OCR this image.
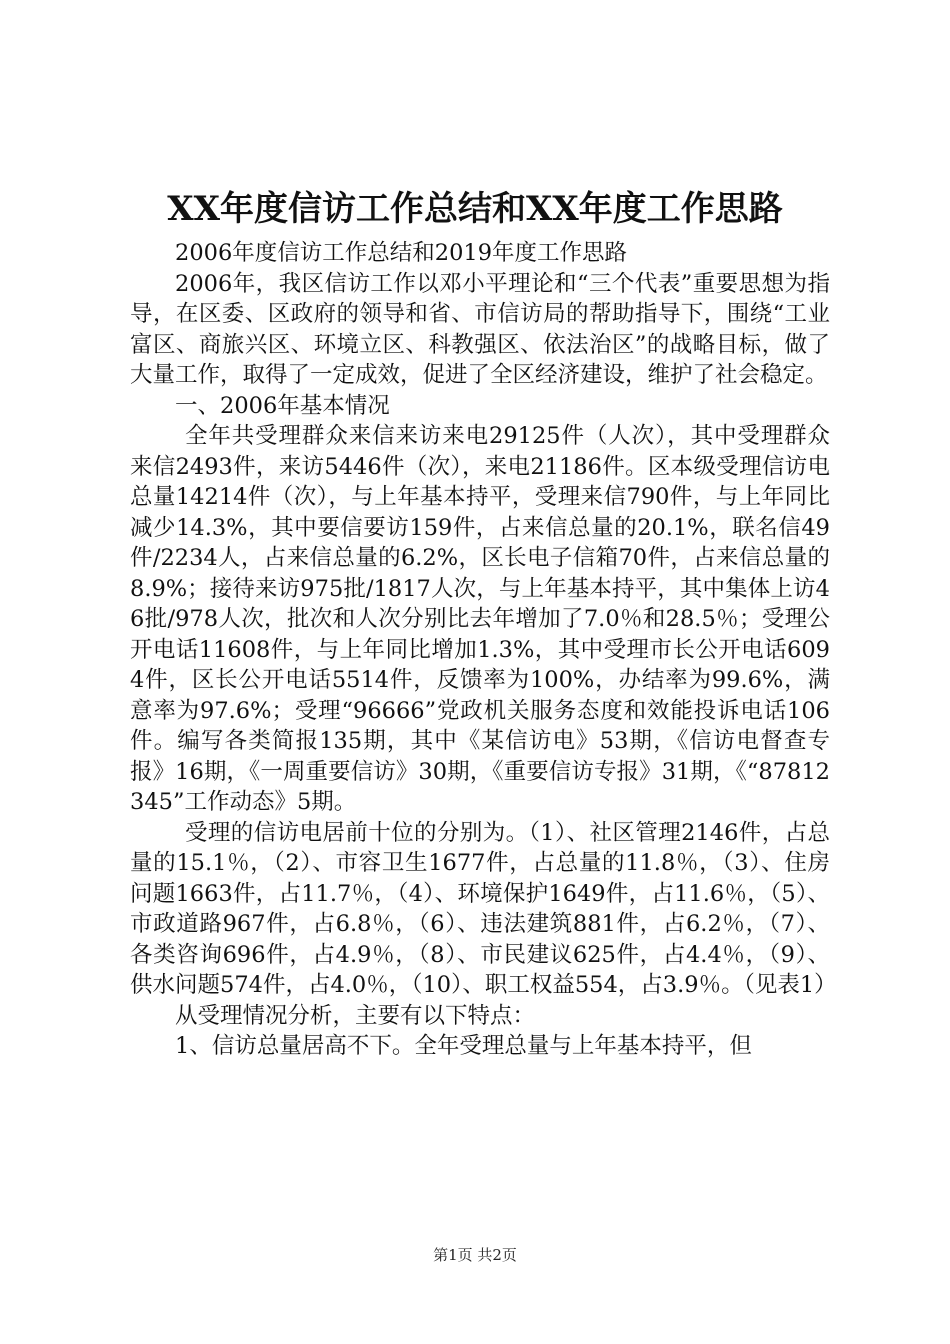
XX年度信访工作总结和XX年度工作思路

2006年度信访工作总结和2019年度工作思路

2006年，我区信访工作以邓小平理论和“三个代表”重要思想为指导，在区委、区政府的领导和省、市信访局的帮助指导下，围绕“工业富区、商旅兴区、环境立区、科教强区、依法治区”的战略目标，做了大量工作，取得了一定成效，促进了全区经济建设，维护了社会稳定。

一、2006年基本情况

全年共受理群众来信来访来电29125件（人次），其中受理群众来信2493件，来访5446件（次），来电21186件。区本级受理信访电总量14214件（次），与上年基本持平，受理来信790件，与上年同比减少14.3%，其中要信要访159件，占来信总量的20.1%，联名信49件/2234人，占来信总量的6.2%，区长电子信箱70件，占来信总量的8.9%；接待来访975批/1817人次，与上年基本持平，其中集体上访46批/978人次，批次和人次分别比去年增加了7.0％和28.5％；受理公开电话11608件，与上年同比增加1.3%，其中受理市长公开电话6094件，区长公开电话5514件，反馈率为100%，办结率为99.6%，满意率为97.6%；受理“96666”党政机关服务态度和效能投诉电话106件。编写各类简报135期，其中《某信访电》53期，《信访电督查专报》16期，《一周重要信访》30期，《重要信访专报》31期，《“87812345”工作动态》5期。

受理的信访电居前十位的分别为。（1）、社区管理2146件，占总量的15.1％，（2）、市容卫生1677件，占总量的11.8％，（3）、住房问题1663件，占11.7％，（4）、环境保护1649件，占11.6％，（5）、市政道路967件，占6.8％，（6）、违法建筑881件，占6.2％，（7）、各类咨询696件，占4.9％，（8）、市民建议625件，占4.4％，（9）、供水问题574件，占4.0％，（10）、职工权益554，占3.9％。（见表1）

从受理情况分析，主要有以下特点：

1、信访总量居高不下。全年受理总量与上年基本持平，但

第1页 共2页
